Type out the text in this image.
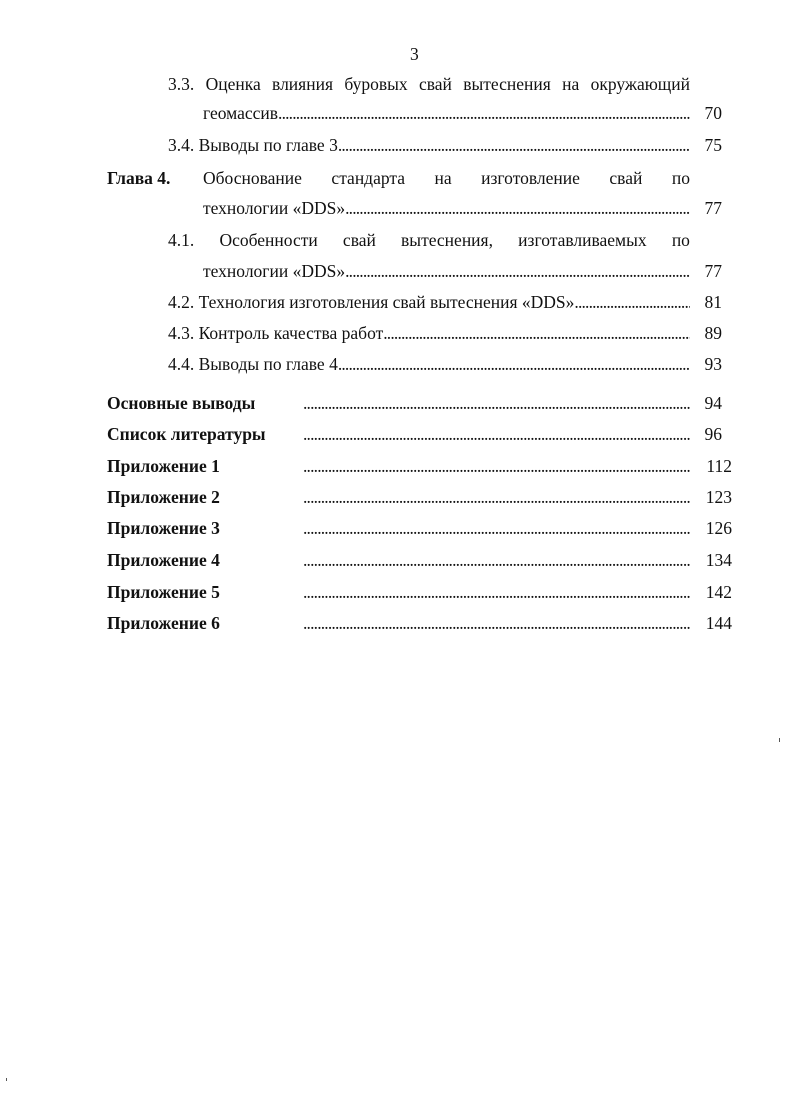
3
3.3. Оценка влияния буровых свай вытеснения на окружающий
геомассив . . .	70
3.4. Выводы по главе 3 . . .	75
Глава 4. Обоснование стандарта на изготовление свай по
технологии «DDS» . . .	77
4.1. Особенности свай вытеснения, изготавливаемых по
технологии «DDS» . . .	77
4.2. Технология изготовления свай вытеснения «DDS» . . .	81
4.3. Контроль качества работ . . .	89
4.4. Выводы по главе 4 . . .	93
Основные выводы . . .	94
Список литературы . . .	96
Приложение 1 . . .	112
Приложение 2 . . .	123
Приложение 3 . . .	126
Приложение 4 . . .	134
Приложение 5 . . .	142
Приложение 6 . . .	144
